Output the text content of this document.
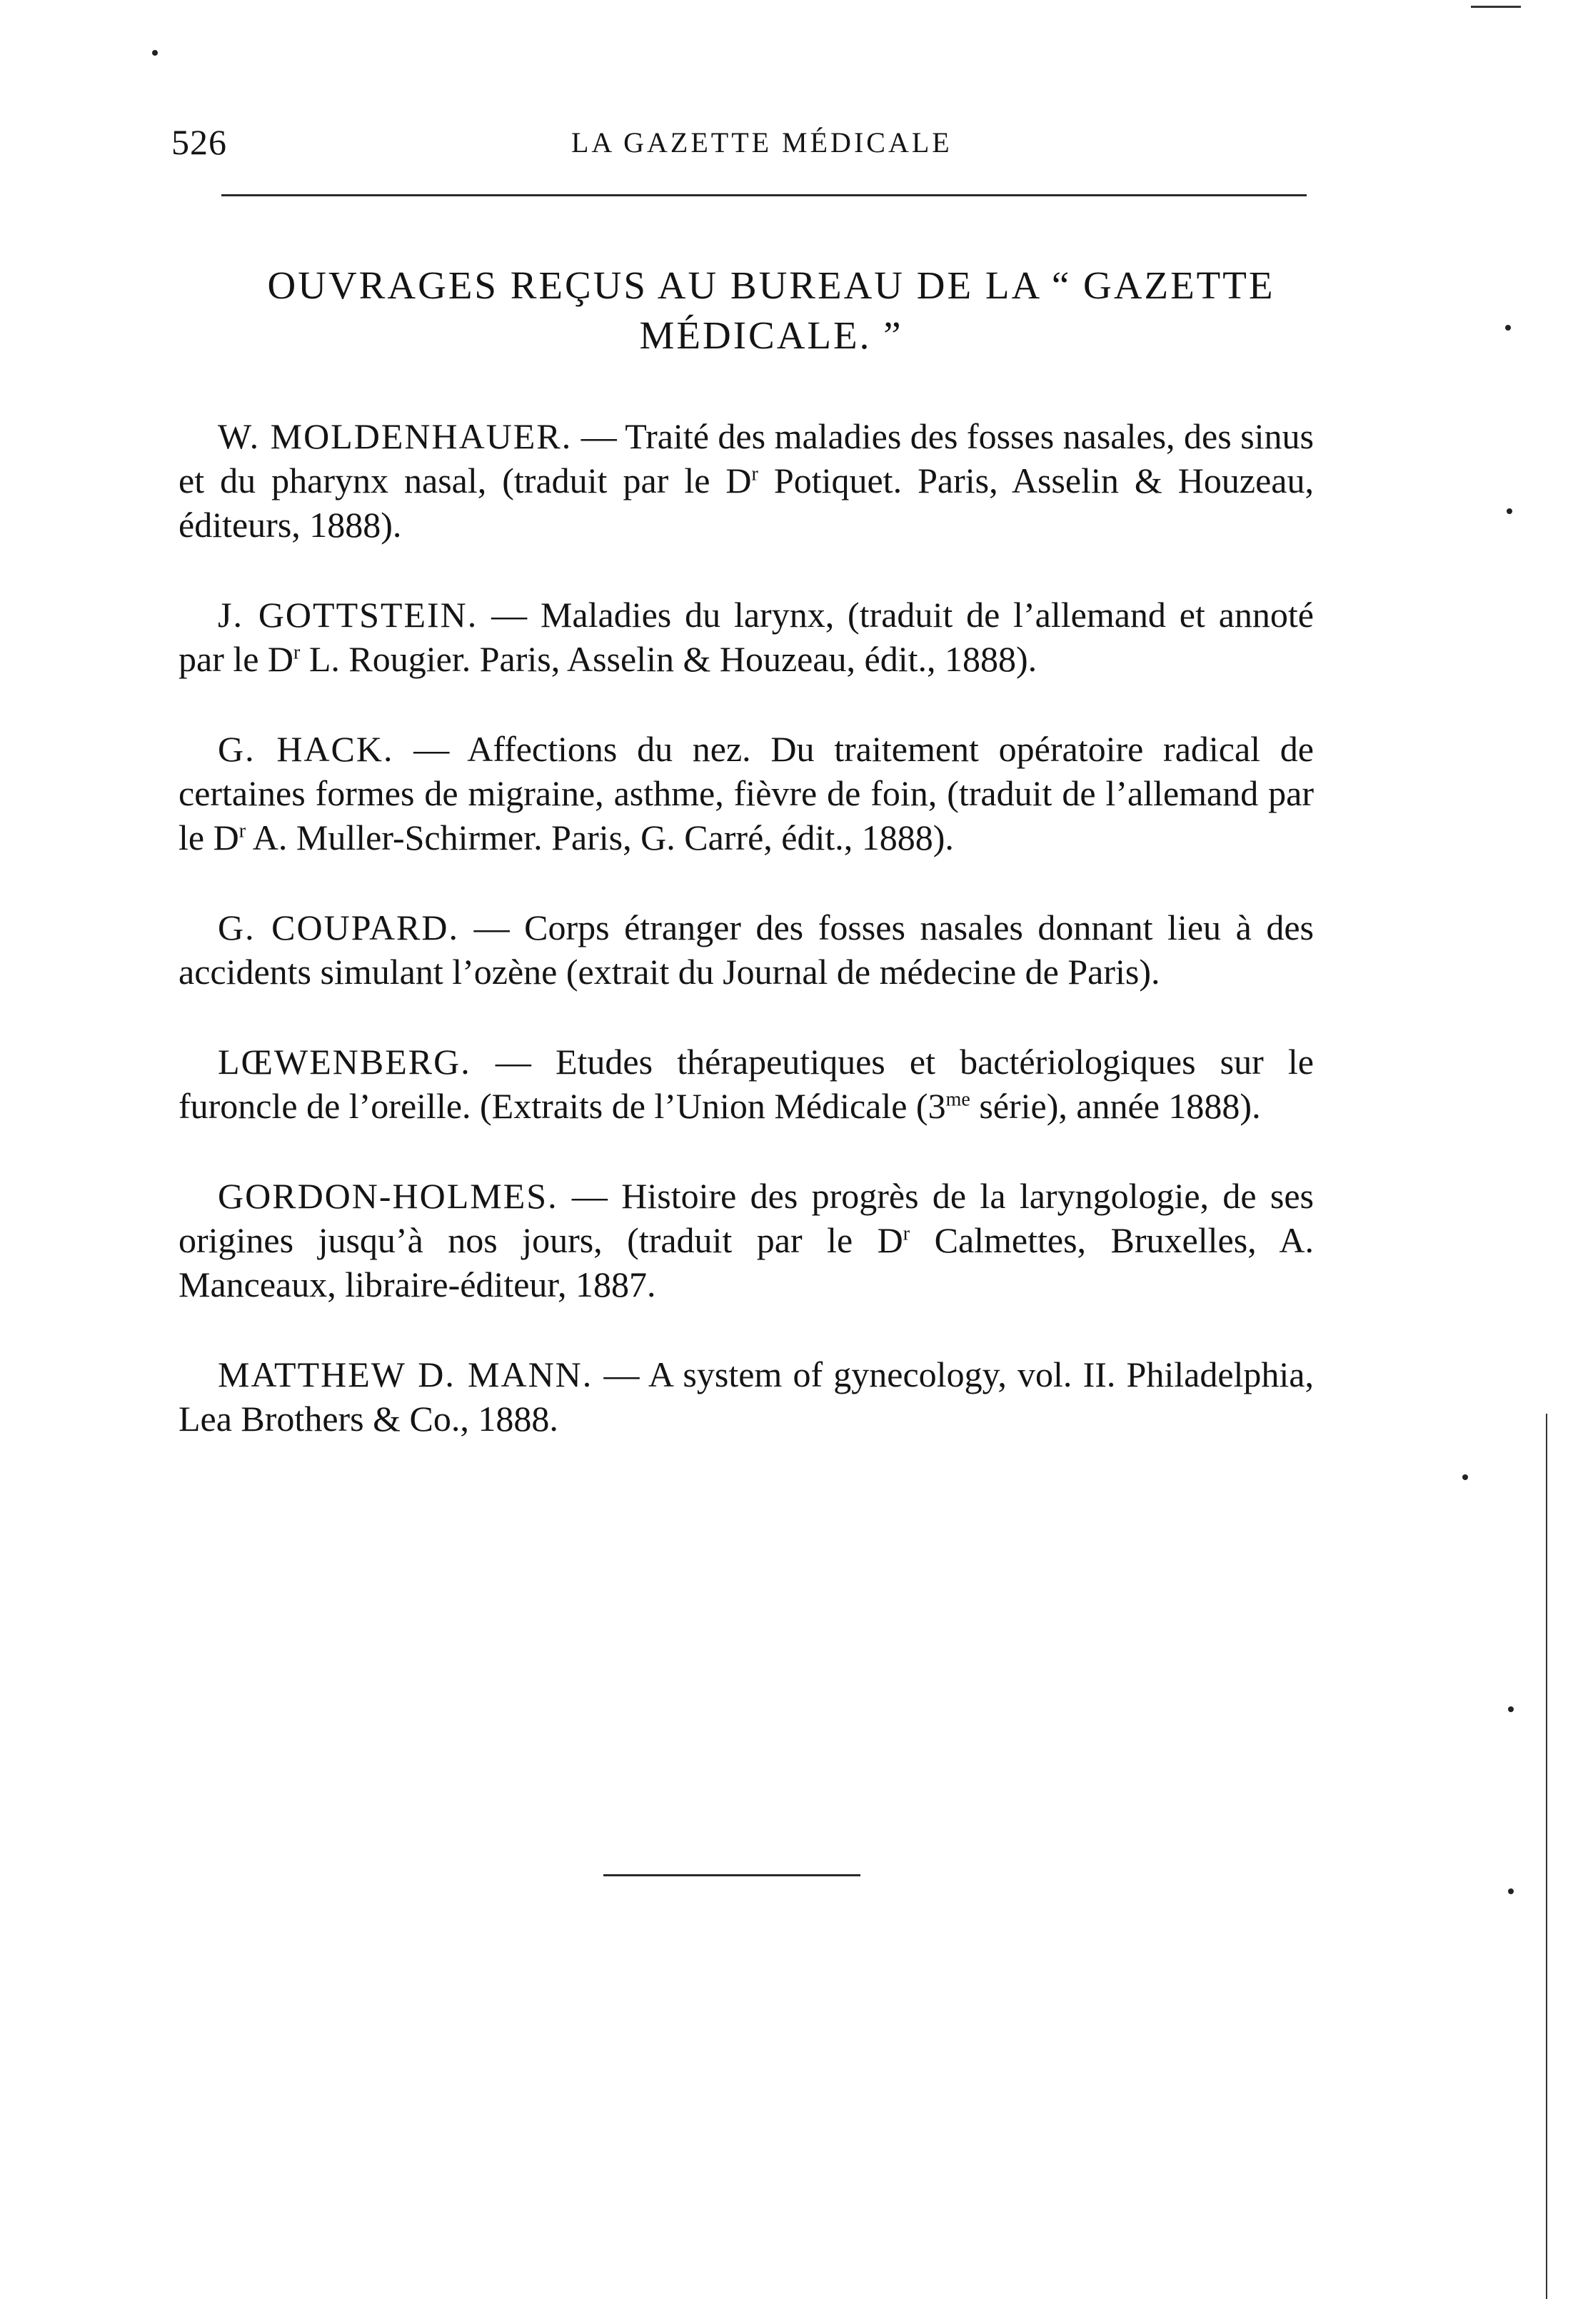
526	LA GAZETTE MÉDICALE
OUVRAGES REÇUS AU BUREAU DE LA “ GAZETTE
MÉDICALE. ”

W. MOLDENHAUER. — Traité des maladies des fosses nasales, des sinus et du pharynx nasal, (traduit par le $D^r$ Potiquet. Paris, Asselin & Houzeau, éditeurs, 1888).

J. GOTTSTEIN. — Maladies du larynx, (traduit de l’allemand et annoté par le $D^r$ L. Rougier. Paris, Asselin & Houzeau, édit., 1888).

G. HACK. — Affections du nez. Du traitement opératoire radical de certaines formes de migraine, asthme, fièvre de foin, (traduit de l’allemand par le $D^r$ A. Muller-Schirmer. Paris, G. Carré, édit., 1888).

G. COUPARD. — Corps étranger des fosses nasales donnant lieu à des accidents simulant l’ozène (extrait du Journal de médecine de Paris).

LŒWENBERG. — Etudes thérapeutiques et bactériologiques sur le furoncle de l’oreille. (Extraits de l’Union Médicale ($3^{me}$ série), année 1888).

GORDON-HOLMES. — Histoire des progrès de la laryngologie, de ses origines jusqu’à nos jours, (traduit par le $D^r$ Calmettes, Bruxelles, A. Manceaux, libraire-éditeur, 1887.

MATTHEW D. MANN. — A system of gynecology, vol. II. Philadelphia, Lea Brothers & Co., 1888.
